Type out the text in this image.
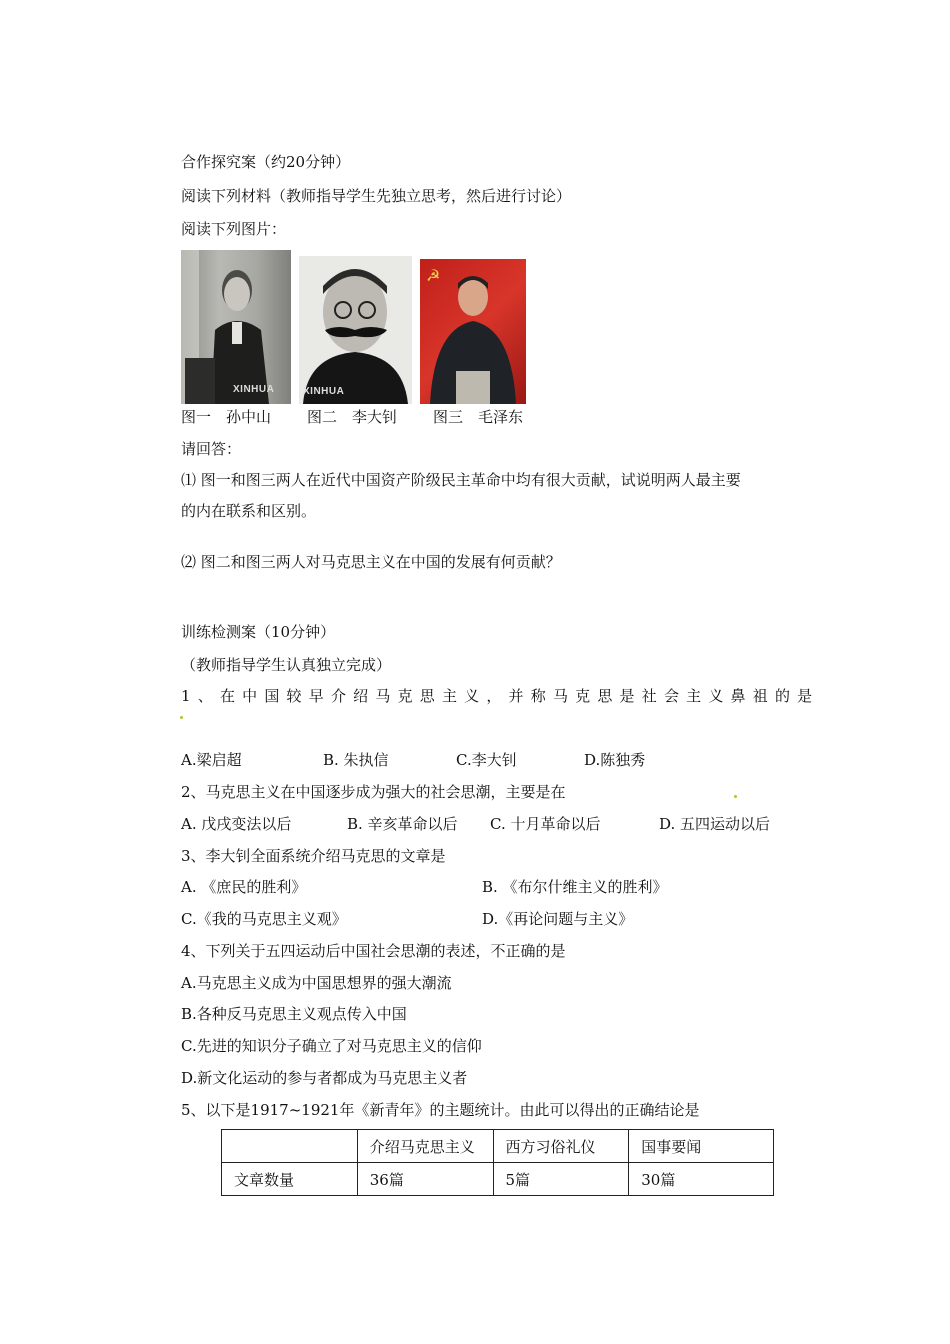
合作探究案（约20分钟）
阅读下列材料（教师指导学生先独立思考，然后进行讨论）
阅读下列图片：
XINHUA	XINHUA
☭
图一　孙中山 图二　李大钊 图三　毛泽东
请回答：
⑴ 图一和图三两人在近代中国资产阶级民主革命中均有很大贡献，试说明两人最主要
的内在联系和区别。
⑵ 图二和图三两人对马克思主义在中国的发展有何贡献？
训练检测案（10分钟）
（教师指导学生认真独立完成）
1、在中国较早介绍马克思主义，并称马克思是社会主义鼻祖的是
A.梁启超	B. 朱执信	C.李大钊	D.陈独秀
2、马克思主义在中国逐步成为强大的社会思潮，主要是在
A. 戊戌变法以后	B. 辛亥革命以后 C. 十月革命以后	D. 五四运动以后
3、李大钊全面系统介绍马克思的文章是
A. 《庶民的胜利》	B. 《布尔什维主义的胜利》
C.《我的马克思主义观》	D.《再论问题与主义》
4、下列关于五四运动后中国社会思潮的表述，不正确的是
A.马克思主义成为中国思想界的强大潮流
B.各种反马克思主义观点传入中国
C.先进的知识分子确立了对马克思主义的信仰
D.新文化运动的参与者都成为马克思主义者
5、以下是1917~1921年《新青年》的主题统计。由此可以得出的正确结论是
	介绍马克思主义	西方习俗礼仪	国事要闻
文章数量	36篇	5篇	30篇
